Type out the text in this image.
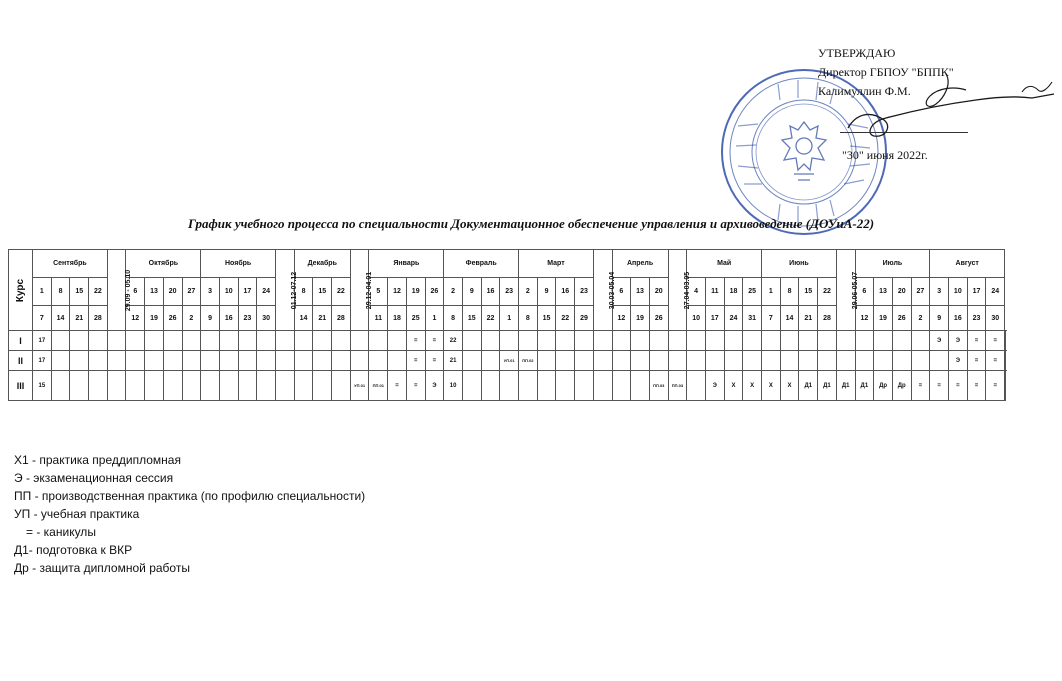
УТВЕРЖДАЮ
Директор ГБПОУ "БППК"
Калимуллин Ф.М.
"30" июня 2022г.
График учебного процесса по специальности Документационное обеспечение управления и архивоведение (ДОУиА-22)
Курс	Сентябрь				29.09 - 05.10	Октябрь				Ноябрь				01.12-07.12	Декабрь			29.12-04.01	Январь				Февраль				Март				30.03-05.04	Апрель			27.04-03.05	Май				Июнь				29.06-05.07	Июль				Август				
	1	8	15	22		6	13	20	27	3	10	17	24		8	15	22		5	12	19	26	2	9	16	23	2	9	16	23		6	13	20		4	11	18	25	1	8	15	22		6	13	20	27	3	10	17	24	
	7	14	21	28		12	19	26	2	9	16	23	30		14	21	28		11	18	25	1	8	15	22	1	8	15	22	29		12	19	26		10	17	24	31	7	14	21	28		12	19	26	2	9	16	23	30	
I	17																				=	=	22																										Э	Э	=	=							
II	17																				=	=	21			УП.01	ПП.02																							Э	=	=							
III	15																	УП.01	ПП.01	=	=	Э	10											ПП.03	ПП.03		Э	Х	Х	Х	Х	Д1	Д1	Д1	Д1	Др	Др	=	=	=	=	=				
Х1 - практика преддипломная
Э - экзаменационная сессия
ПП - производственная практика (по профилю специальности)
УП - учебная практика
= - каникулы
Д1- подготовка к ВКР
Др - защита дипломной работы
